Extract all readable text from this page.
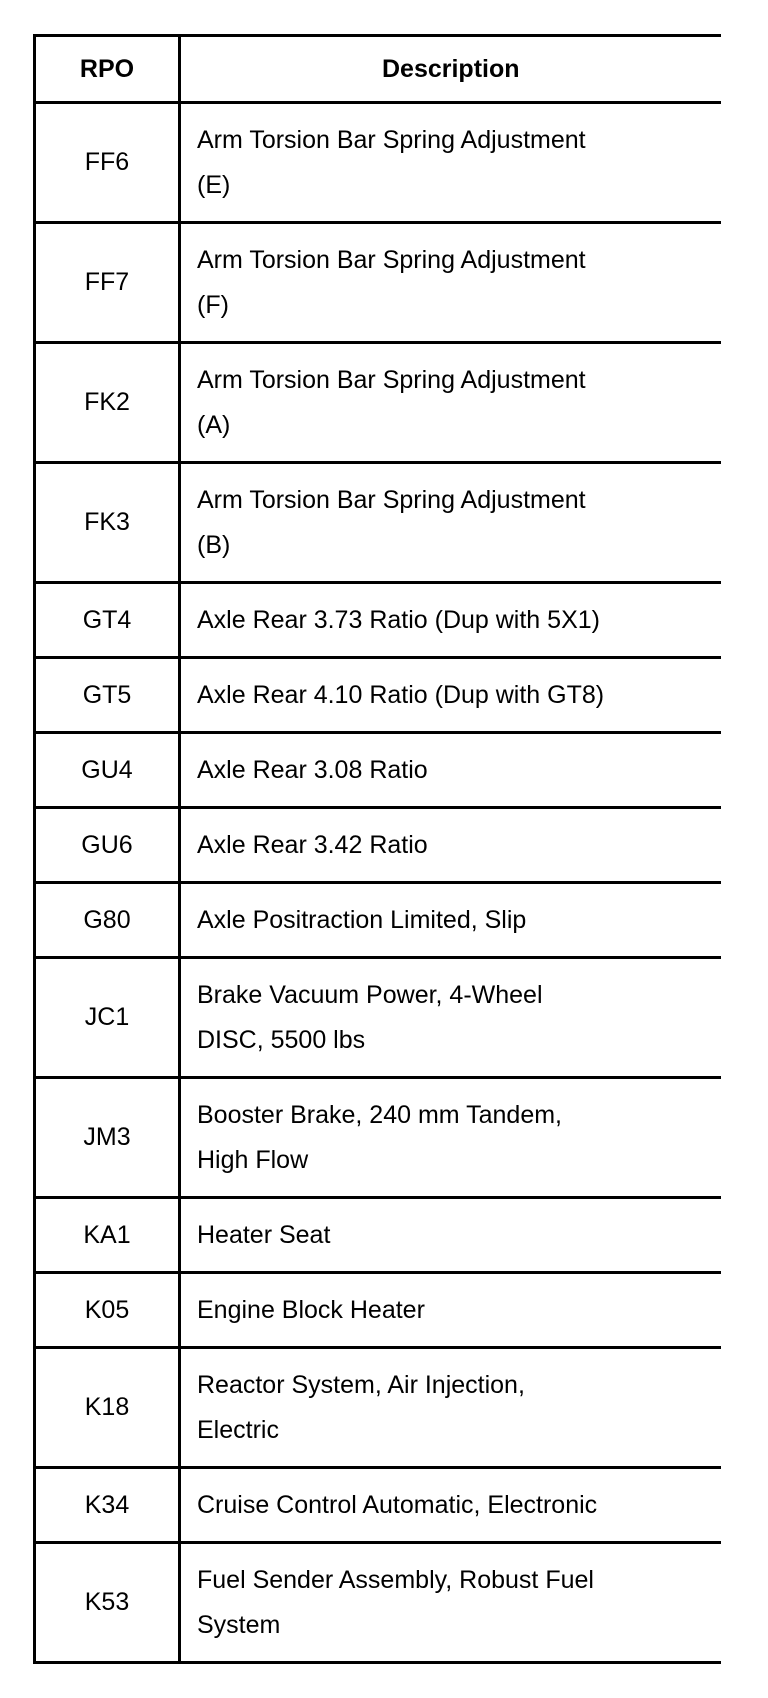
RPO	Description
FF6	Arm Torsion Bar Spring Adjustment
(E)

FF7	Arm Torsion Bar Spring Adjustment
(F)

FK2	Arm Torsion Bar Spring Adjustment
(A)

FK3	Arm Torsion Bar Spring Adjustment
(B)

GT4	Axle Rear 3.73 Ratio (Dup with 5X1)

GT5	Axle Rear 4.10 Ratio (Dup with GT8)

GU4	Axle Rear 3.08 Ratio

GU6	Axle Rear 3.42 Ratio

G80	Axle Positraction Limited, Slip

JC1	Brake Vacuum Power, 4-Wheel
DISC, 5500 lbs

JM3	Booster Brake, 240 mm Tandem,
High Flow

KA1	Heater Seat

K05	Engine Block Heater

K18	Reactor System, Air Injection,
Electric

K34	Cruise Control Automatic, Electronic

K53	Fuel Sender Assembly, Robust Fuel
System
